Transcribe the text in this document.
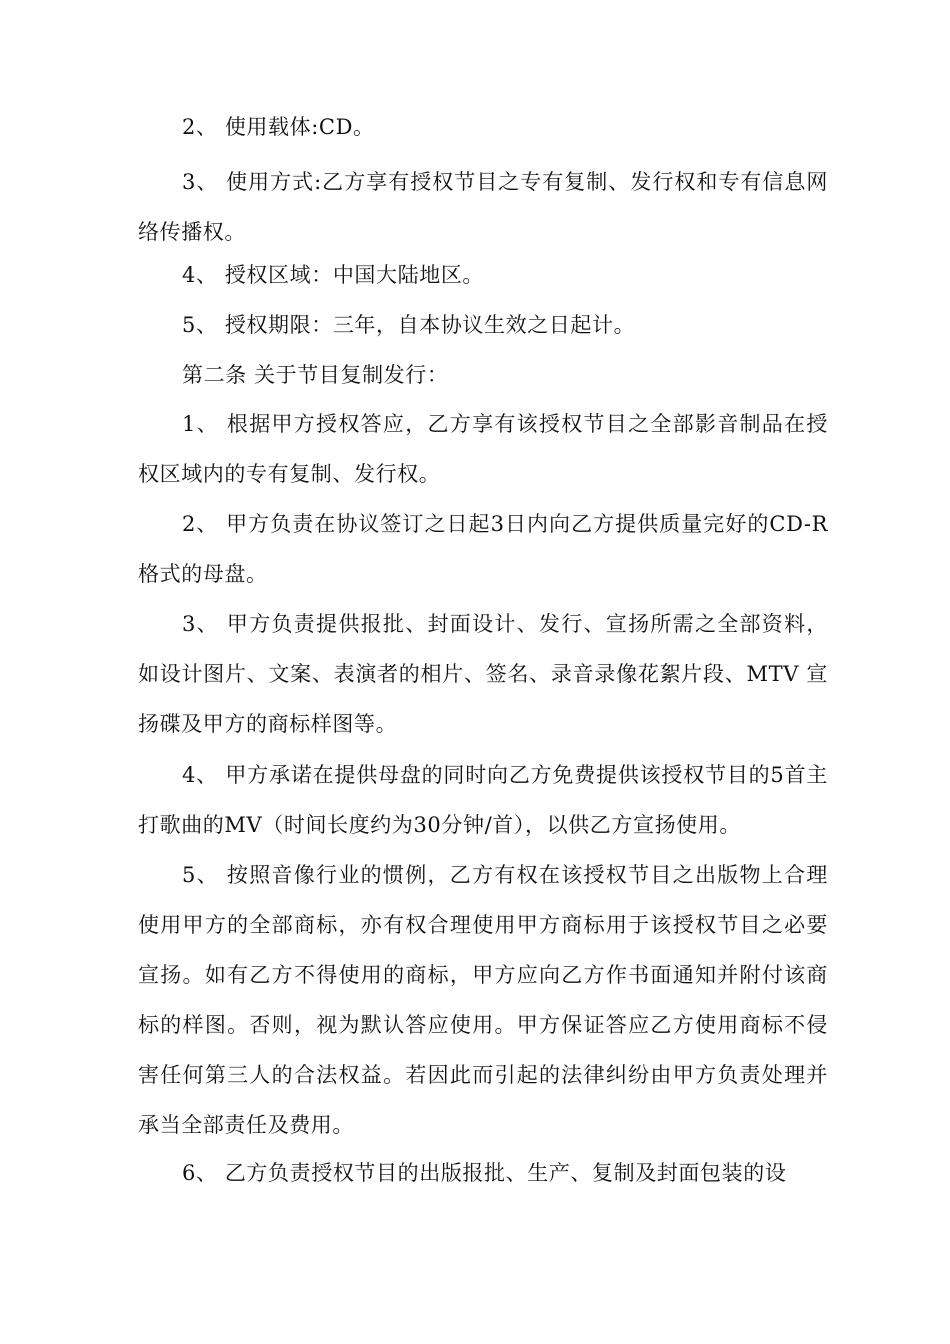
2、 使用载体:CD。

3、 使用方式:乙方享有授权节目之专有复制、发行权和专有信息网络传播权。

4、 授权区域：中国大陆地区。

5、 授权期限：三年，自本协议生效之日起计。

第二条 关于节目复制发行：

1、 根据甲方授权答应，乙方享有该授权节目之全部影音制品在授权区域内的专有复制、发行权。

2、 甲方负责在协议签订之日起3日内向乙方提供质量完好的CD-R格式的母盘。

3、 甲方负责提供报批、封面设计、发行、宣扬所需之全部资料， 如设计图片、文案、表演者的相片、签名、录音录像花絮片段、MTV 宣扬碟及甲方的商标样图等。

4、 甲方承诺在提供母盘的同时向乙方免费提供该授权节目的5首主打歌曲的MV（时间长度约为30分钟/首），以供乙方宣扬使用。

5、 按照音像行业的惯例，乙方有权在该授权节目之出版物上合理使用甲方的全部商标，亦有权合理使用甲方商标用于该授权节目之必要宣扬。如有乙方不得使用的商标，甲方应向乙方作书面通知并附付该商标的样图。否则，视为默认答应使用。甲方保证答应乙方使用商标不侵害任何第三人的合法权益。若因此而引起的法律纠纷由甲方负责处理并承当全部责任及费用。

6、 乙方负责授权节目的出版报批、生产、复制及封面包装的设
